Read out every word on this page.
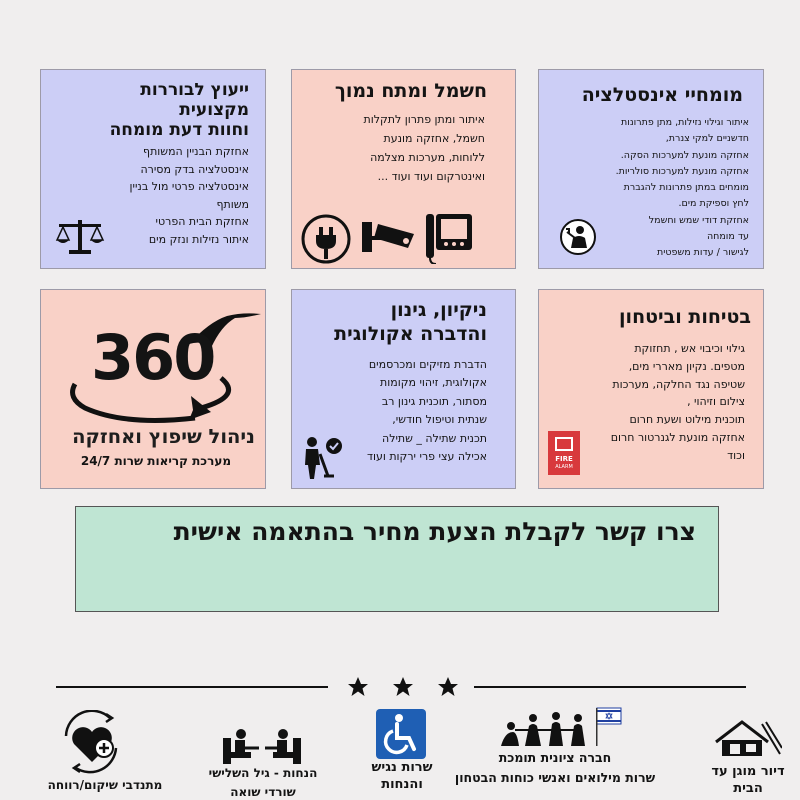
מומחיי אינסטלציה

איתור וגילוי נזילות, מתן פתרונות

חדשניים למקי צנרת,

אחזקה מונעת למערכות הסקה.

אחזקה מונעת למערכות סולריות.

מומחים במתן פתרונות להגברת

לחץ וספיקת מים.

אחזקת דודי שמש וחשמל

עד מומחה

לגישור / עדות משפטית

חשמל ומתח נמוך

איתור ומתן פתרון לתקלות

חשמל, אחזקה מונעת

ללוחות, מערכות מצלמה

ואינטרקום ועוד ועוד ...

ייעוץ לבוררות

מקצועית

וחוות דעת מומחה

אחזקת הבניין המשותף

אינסטלציה בדק מסירה

אינסטלציה פרטי מול בניין

משותף

אחזקת הבית הפרטי

איתור נזילות ונזק מים

בטיחות וביטחון

גילוי וכיבוי אש , תחזוקת

מטפים. נקיון מאררי מים,

שטיפה נגד החלקה, מערכות

צילום וזיהוי ,

תוכנית מילוט ושעת חרום

אחזקה מונעת לגנרטור חרום

וכוד

FIRE
ALARM

ניקיון, גינון

והדברה אקולוגית

הדברת מזיקים ומכרסמים

אקולוגית, זיהוי מקומות

מסתור, תוכנית גינון רב

שנתית וטיפול חודשי,

תכנית שתילה _ שתילה

אכילה עצי פרי ירקות ועוד

360
ניהול שיפוץ ואחזקה
מערכת קריאות שרות 24/7
צרו קשר לקבלת הצעת מחיר בהתאמה אישית
דיור מוגן עד הבית
חברה ציונית תומכת
שרות מילואים ואנשי כוחות הבטחון
שרות נגיש
והנחות
הנחות - גיל השלישי
שורדי שואה
מתנדבי שיקום/רווחה
